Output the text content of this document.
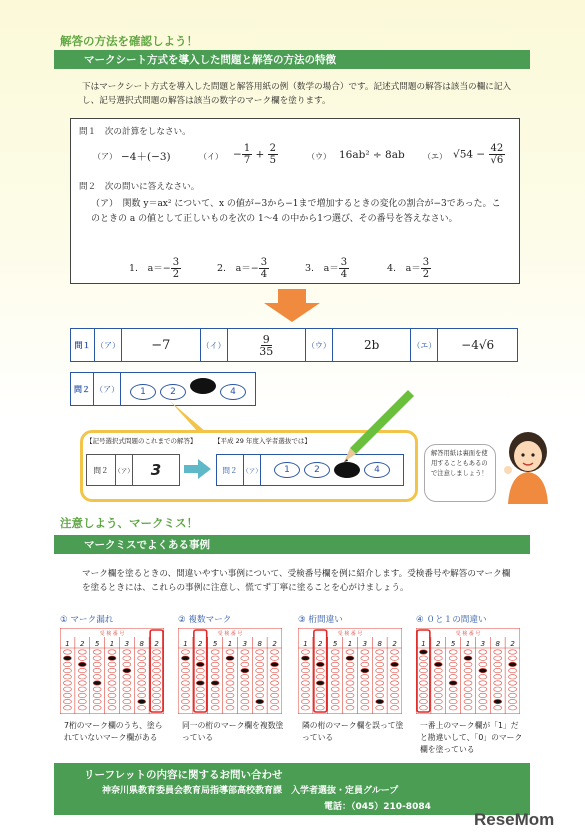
解答の方法を確認しよう！
マークシート方式を導入した問題と解答の方法の特徴
下はマークシート方式を導入した問題と解答用紙の例（数学の場合）です。記述式問題の解答は該当の欄に記入し、記号選択式問題の解答は該当の数字のマーク欄を塗ります。
問１　次の計算をしなさい。
（ア） −4＋(−3)	（イ） − $\frac{1}{7} + \frac{2}{5}$	（ウ） 16ab² ÷ 8ab （エ） $√54 - \frac{42}{√6}$
問２　次の問いに答えなさい。
（ア）　関数 y＝ax² について、x の値が−3から−1まで増加するときの変化の割合が−3であった。このときの a の値として正しいものを次の 1〜4 の中から1つ選び、その番号を答えなさい。
1.　$a=- \frac{3}{2}$	2.　$a=- \frac{3}{4}$	3.　$a= \frac{3}{4}$	4.　$a= \frac{3}{2}$
問１	（ア）	−7	（イ）	$\frac{9}{35}$	（ウ）	2b	（エ）	−4√6
問２	（ア）	1	2	4
【記号選択式問題のこれまでの解答】	【平成 29 年度入学者選抜では】
問２ （ア）	3	問２ （ア）	1	2	4
解答用紙は裏面を使用することもあるので注意しましょう！
注意しよう、マークミス！
マークミスでよくある事例
マーク欄を塗るときの、間違いやすい事例について、受検番号欄を例に紹介します。受検番号や解答のマーク欄を塗るときには、これらの事例に注意し、慌てず丁寧に塗ることを心がけましょう。
① マーク漏れ	② 複数マーク	③ 桁間違い	④ ０と１の間違い
受 検 番 号
1 2 5 1 3 8 2
受 検 番 号
1 2 5 1 3 8 2
受 検 番 号
1 2 5 1 3 8 2
受 検 番 号
1 2 5 1 3 8 2
7桁のマーク欄のうち、塗られていないマーク欄がある
同一の桁のマーク欄を複数塗っている
隣の桁のマーク欄を誤って塗っている
一番上のマーク欄が「1」だと勘違いして、「0」のマーク欄を塗っている
リーフレットの内容に関するお問い合わせ
神奈川県教育委員会教育局指導部高校教育課　入学者選抜・定員グループ
電話：（045）210-8084
ReseMom
